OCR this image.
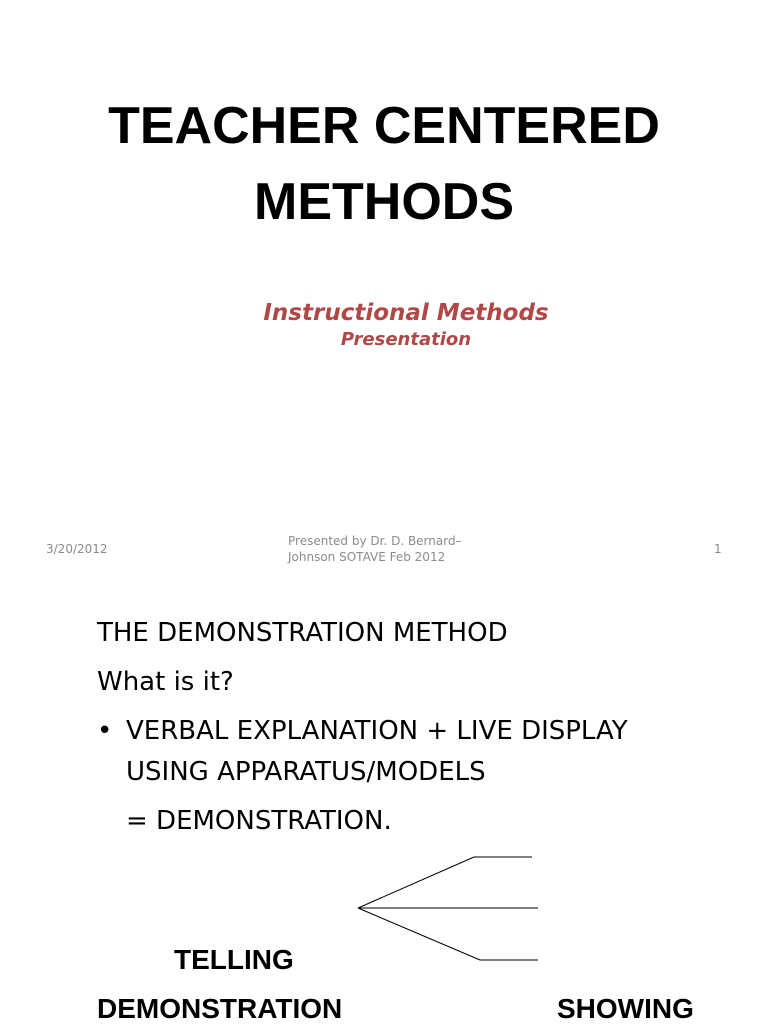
TEACHER CENTERED
METHODS
Instructional Methods
Presentation
3/20/2012
Presented by Dr. D. Bernard–
Johnson SOTAVE Feb 2012
1
THE DEMONSTRATION METHOD
What is it?
• VERBAL EXPLANATION + LIVE DISPLAY
USING APPARATUS/MODELS
= DEMONSTRATION.
TELLING
DEMONSTRATION	SHOWING
